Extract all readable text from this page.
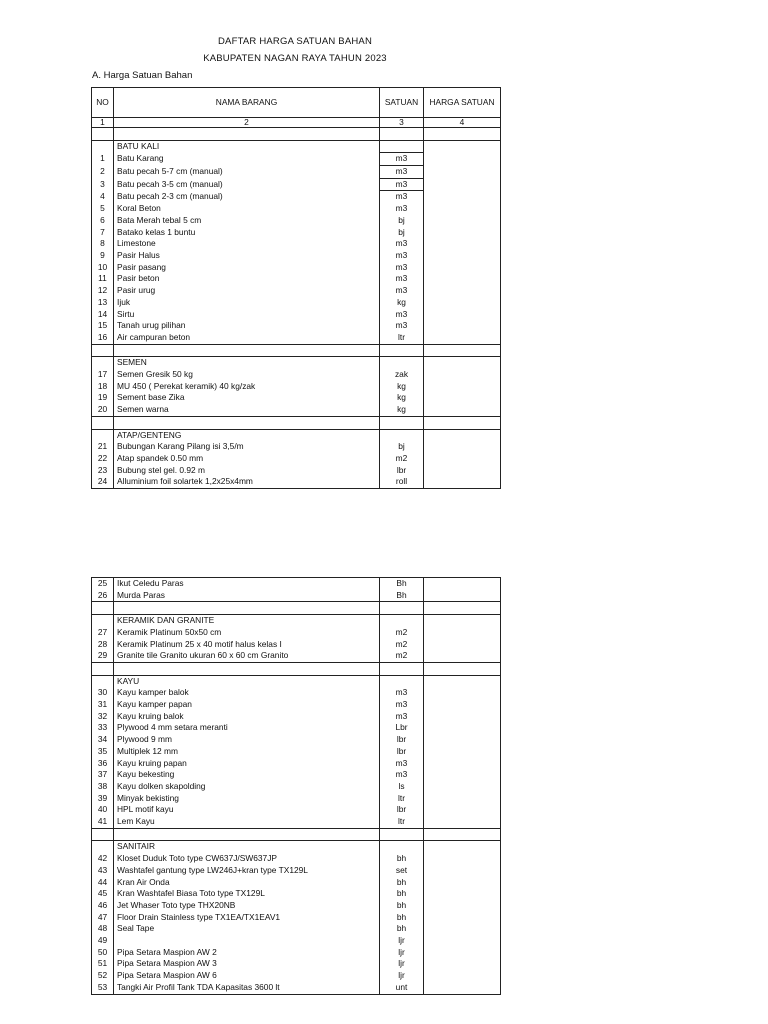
DAFTAR HARGA SATUAN BAHAN
KABUPATEN NAGAN RAYA TAHUN 2023
A. Harga Satuan Bahan
NO	NAMA BARANG	SATUAN	HARGA SATUAN
1	2	3	4

	BATU KALI		
1	Batu Karang	m3	
2	Batu pecah 5-7 cm (manual)	m3	
3	Batu pecah 3-5 cm (manual)	m3	
4	Batu pecah 2-3 cm (manual)	m3	
5	Koral Beton	m3	
6	Bata Merah tebal 5 cm	bj	
7	Batako kelas 1 buntu	bj	
8	Limestone	m3	
9	Pasir Halus	m3	
10	Pasir pasang	m3	
11	Pasir beton	m3	
12	Pasir urug	m3	
13	Ijuk	kg	
14	Sirtu	m3	
15	Tanah urug pilihan	m3	
16	Air campuran beton	ltr	

	SEMEN		
17	Semen Gresik 50 kg	zak	
18	MU 450 ( Perekat keramik) 40 kg/zak	kg	
19	Sement base Zika	kg	
20	Semen warna	kg	

	ATAP/GENTENG		
21	Bubungan Karang Pilang isi 3,5/m	bj	
22	Atap spandek 0.50 mm	m2	
23	Bubung stel gel. 0.92 m	lbr	
24	Alluminium foil solartek 1,2x25x4mm	roll	
25	Ikut Celedu Paras	Bh	
26	Murda Paras	Bh	

	KERAMIK DAN GRANITE		
27	Keramik Platinum 50x50 cm	m2	
28	Keramik Platinum 25 x 40 motif halus kelas I	m2	
29	Granite tile Granito ukuran 60 x 60 cm Granito	m2	

	KAYU		
30	Kayu kamper balok	m3	
31	Kayu kamper papan	m3	
32	Kayu kruing balok	m3	
33	Plywood 4 mm setara meranti	Lbr	
34	Plywood 9 mm	lbr	
35	Multiplek 12 mm	lbr	
36	Kayu kruing papan	m3	
37	Kayu bekesting	m3	
38	Kayu dolken skapolding	ls	
39	Minyak bekisting	ltr	
40	HPL motif kayu	lbr	
41	Lem Kayu	ltr	

	SANITAIR		
42	Kloset Duduk Toto type CW637J/SW637JP	bh	
43	Washtafel gantung type LW246J+kran type TX129L	set	
44	Kran Air Onda	bh	
45	Kran Washtafel Biasa Toto type TX129L	bh	
46	Jet Whaser Toto type THX20NB	bh	
47	Floor Drain Stainless type TX1EA/TX1EAV1	bh	
48	Seal Tape	bh	
49		ljr	
50	Pipa Setara Maspion AW 2	ljr	
51	Pipa Setara Maspion AW 3	ljr	
52	Pipa Setara Maspion AW 6	ljr	
53	Tangki Air Profil Tank TDA Kapasitas 3600 lt	unt	
